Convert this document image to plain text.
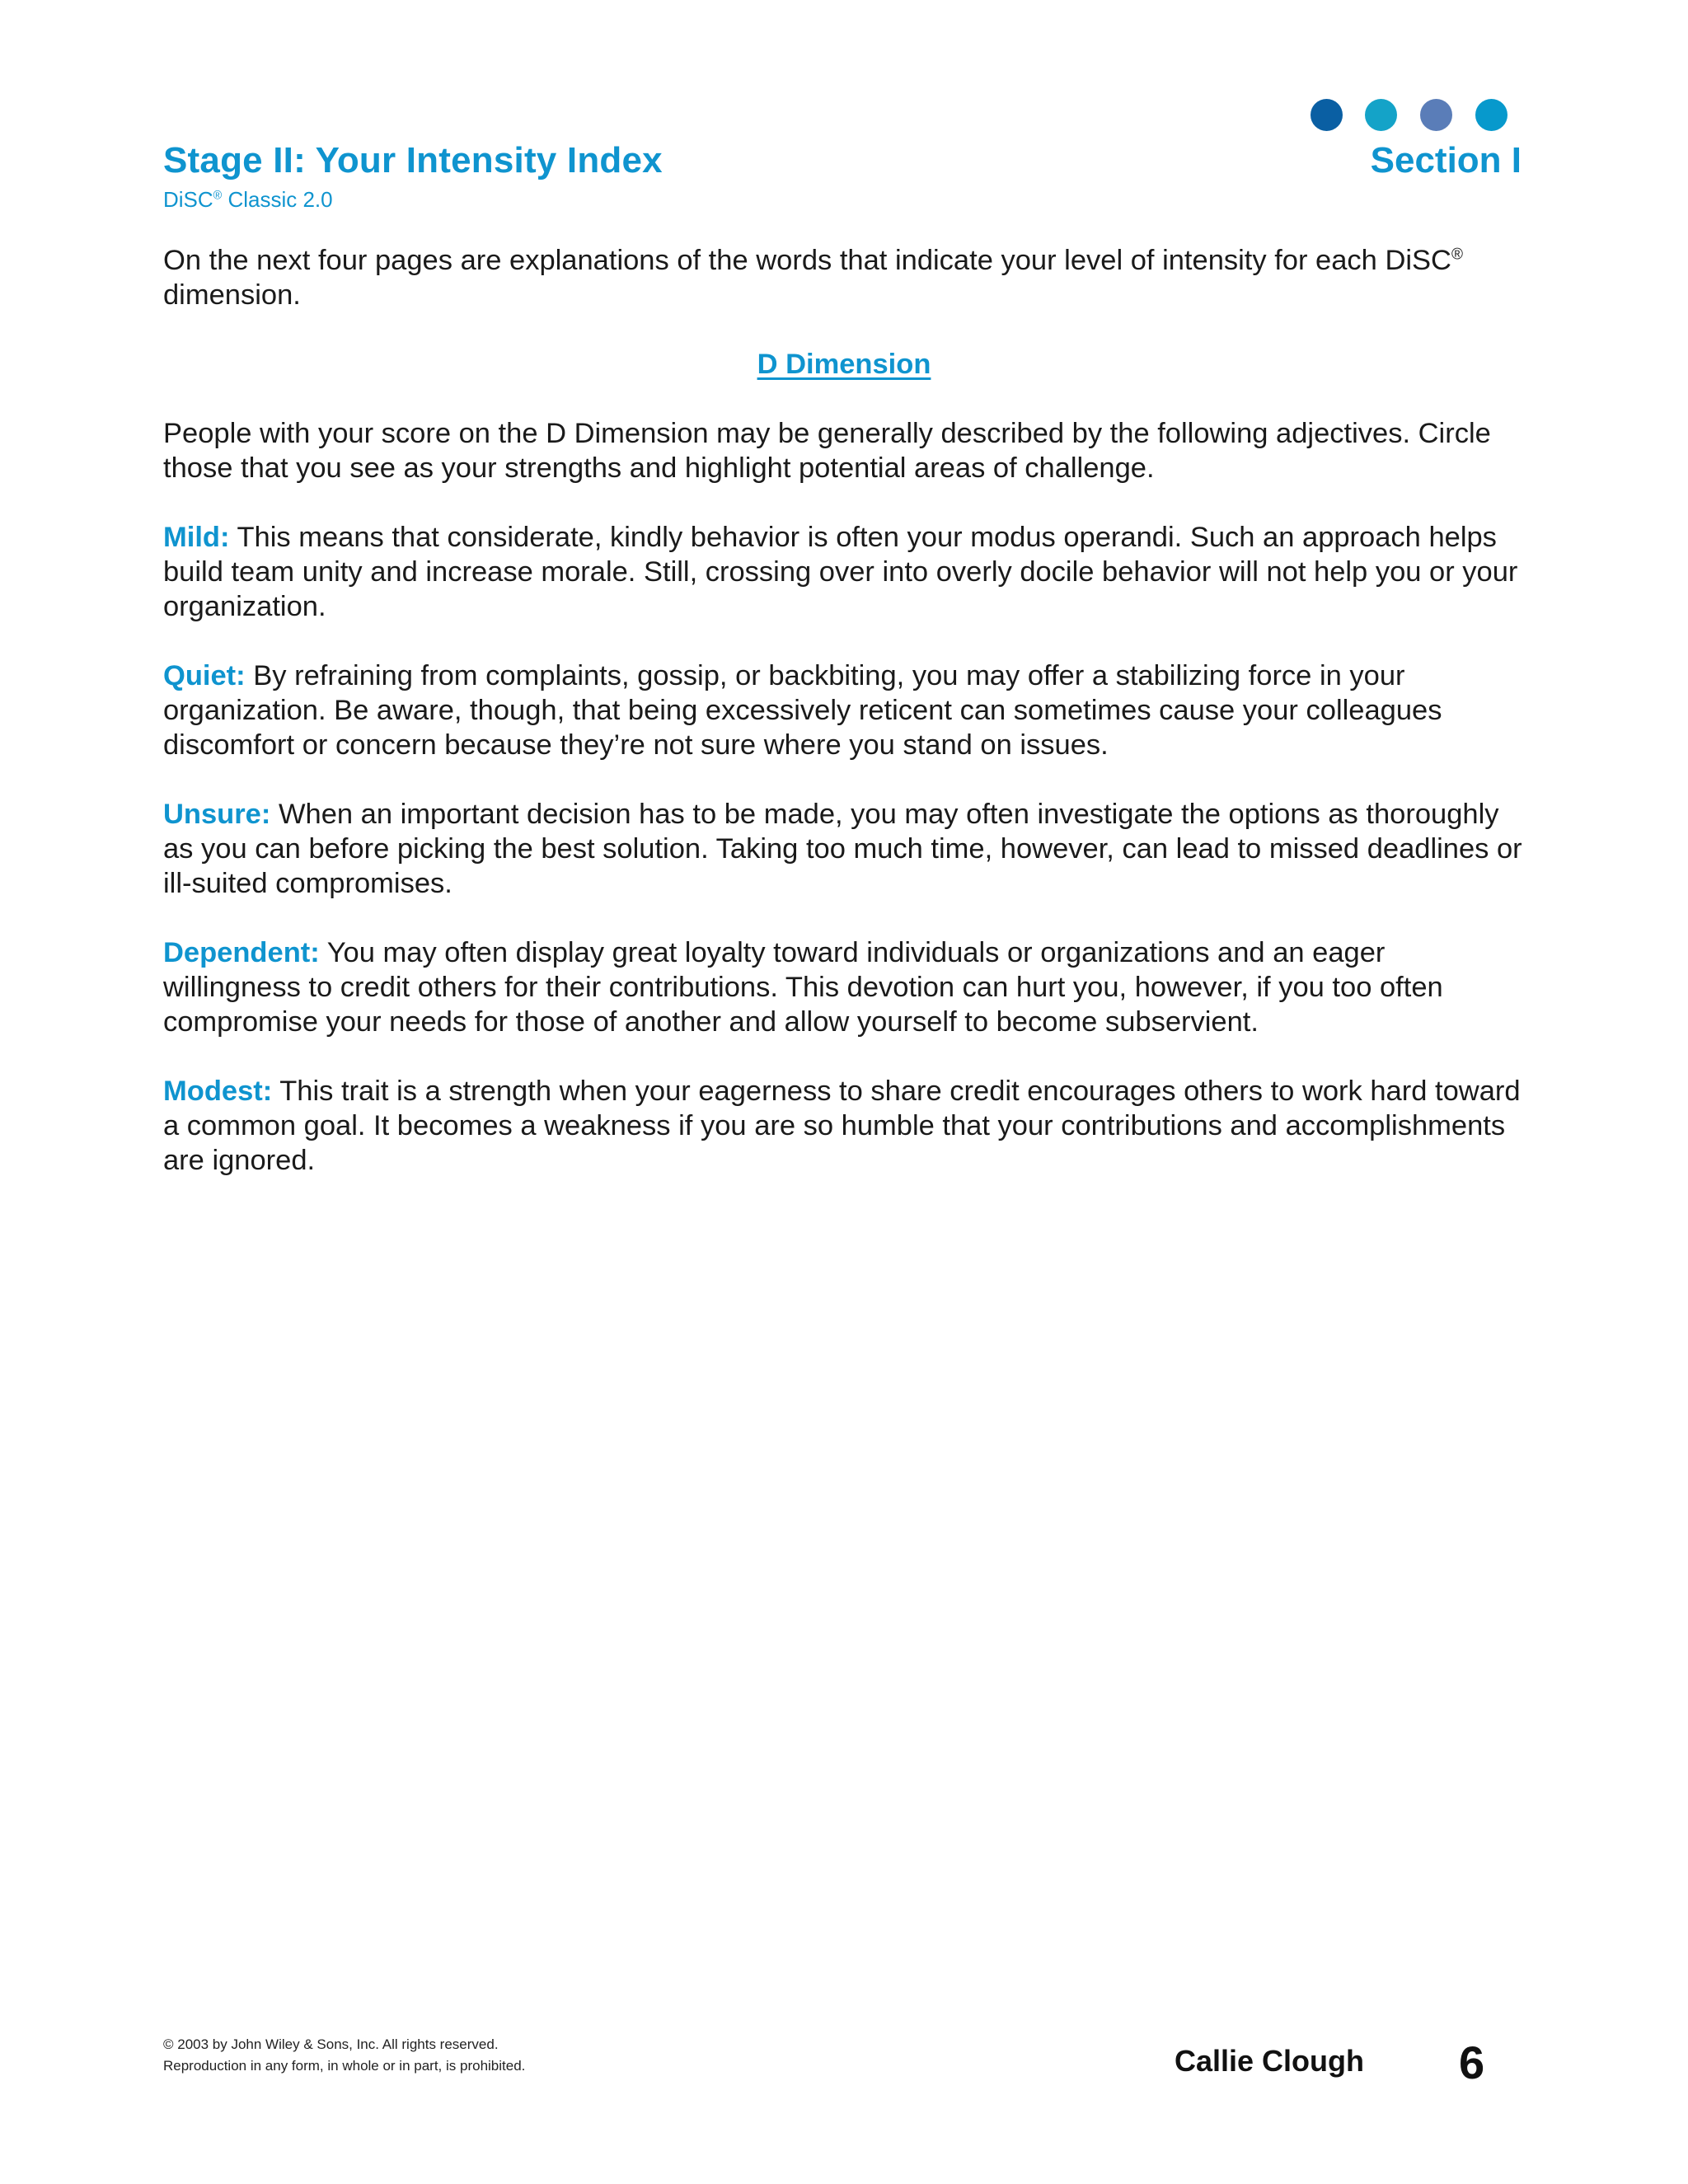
Stage II: Your Intensity Index	Section I
DiSC® Classic 2.0

On the next four pages are explanations of the words that indicate your level of intensity for each DiSC® dimension.

D Dimension

People with your score on the D Dimension may be generally described by the following adjectives. Circle those that you see as your strengths and highlight potential areas of challenge.

Mild: This means that considerate, kindly behavior is often your modus operandi. Such an approach helps build team unity and increase morale. Still, crossing over into overly docile behavior will not help you or your organization.

Quiet: By refraining from complaints, gossip, or backbiting, you may offer a stabilizing force in your organization. Be aware, though, that being excessively reticent can sometimes cause your colleagues discomfort or concern because they’re not sure where you stand on issues.

Unsure: When an important decision has to be made, you may often investigate the options as thoroughly as you can before picking the best solution. Taking too much time, however, can lead to missed deadlines or ill-suited compromises.

Dependent: You may often display great loyalty toward individuals or organizations and an eager willingness to credit others for their contributions. This devotion can hurt you, however, if you too often compromise your needs for those of another and allow yourself to become subservient.

Modest: This trait is a strength when your eagerness to share credit encourages others to work hard toward a common goal. It becomes a weakness if you are so humble that your contributions and accomplishments are ignored.

© 2003 by John Wiley & Sons, Inc. All rights reserved.
Reproduction in any form, in whole or in part, is prohibited.	Callie Clough 6
